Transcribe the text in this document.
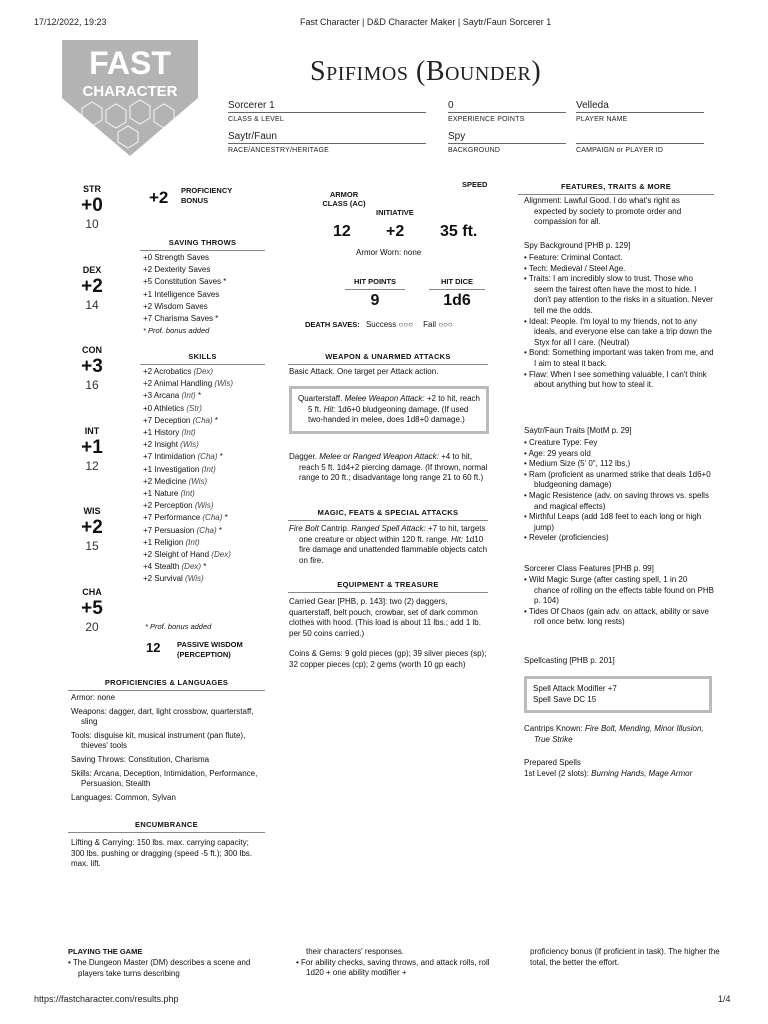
17/12/2022, 19:23	Fast Character | D&D Character Maker | Saytr/Faun Sorcerer 1
https://fastcharacter.com/results.php	1/4
FAST
CHARACTER
Spifimos (Bounder)
Sorcerer 1
CLASS & LEVEL
0
EXPERIENCE POINTS
Velleda
PLAYER NAME
Saytr/Faun
RACE/ANCESTRY/HERITAGE
Spy
BACKGROUND	CAMPAIGN or PLAYER ID
STR
+0
10
DEX
+2
14
CON
+3
16
INT
+1
12
WIS
+2
15
CHA
+5
20
+2 PROFICIENCY
BONUS
SAVING THROWS
+0 Strength Saves
+2 Dexterity Saves
+5 Constitution Saves *
+1 Intelligence Saves
+2 Wisdom Saves
+7 Charisma Saves *
* Prof. bonus added
SKILLS
+2 Acrobatics (Dex)
+2 Animal Handling (Wis)
+3 Arcana (Int) *
+0 Athletics (Str)
+7 Deception (Cha) *
+1 History (Int)
+2 Insight (Wis)
+7 Intimidation (Cha) *
+1 Investigation (Int)
+2 Medicine (Wis)
+1 Nature (Int)
+2 Perception (Wis)
+7 Performance (Cha) *
+7 Persuasion (Cha) *
+1 Religion (Int)
+2 Sleight of Hand (Dex)
+4 Stealth (Dex) *
+2 Survival (Wis)
* Prof. bonus added
12 PASSIVE WISDOM
(PERCEPTION)
PROFICIENCIES & LANGUAGES
Armor: none
Weapons: dagger, dart, light crossbow, quarterstaff, sling
Tools: disguise kit, musical instrument (pan flute), thieves' tools
Saving Throws: Constitution, Charisma
Skills: Arcana, Deception, Intimidation, Performance, Persuasion, Stealth
Languages: Common, Sylvan
ENCUMBRANCE
Lifting & Carrying: 150 lbs. max. carrying capacity; 300 lbs. pushing or dragging (speed -5 ft.); 300 lbs. max. lift.
ARMOR CLASS (AC)
INITIATIVE
SPEED
12 +2 35 ft.
Armor Worn: none
HIT POINTS	HIT DICE
9	1d6
DEATH SAVES: Success ○○○ Fail ○○○
WEAPON & UNARMED ATTACKS
Basic Attack. One target per Attack action.
Quarterstaff. Melee Weapon Attack: +2 to hit, reach 5 ft. Hit: 1d6+0 bludgeoning damage. (If used two-handed in melee, does 1d8+0 damage.)
Dagger. Melee or Ranged Weapon Attack: +4 to hit, reach 5 ft. 1d4+2 piercing damage. (If thrown, normal range to 20 ft.; disadvantage long range 21 to 60 ft.)
MAGIC, FEATS & SPECIAL ATTACKS
Fire Bolt Cantrip. Ranged Spell Attack: +7 to hit, targets one creature or object within 120 ft. range. Hit: 1d10 fire damage and unattended flammable objects catch on fire.
EQUIPMENT & TREASURE
Carried Gear [PHB, p. 143]: two (2) daggers, quarterstaff, belt pouch, crowbar, set of dark common clothes with hood. (This load is about 11 lbs.; add 1 lb. per 50 coins carried.)
Coins & Gems: 9 gold pieces (gp); 39 silver pieces (sp); 32 copper pieces (cp); 2 gems (worth 10 gp each)
FEATURES, TRAITS & MORE
Alignment: Lawful Good. I do what's right as expected by society to promote order and compassion for all.
Spy Background [PHB p. 129]
• Feature: Criminal Contact.
• Tech: Medieval / Steel Age.
• Traits: I am incredibly slow to trust. Those who seem the fairest often have the most to hide. I don't pay attention to the risks in a situation. Never tell me the odds.
• Ideal: People. I'm loyal to my friends, not to any ideals, and everyone else can take a trip down the Styx for all I care. (Neutral)
• Bond: Something important was taken from me, and I aim to steal it back.
• Flaw: When I see something valuable, I can't think about anything but how to steal it.
Saytr/Faun Traits [MotM p. 29]
• Creature Type: Fey
• Age: 29 years old
• Medium Size (5' 0", 112 lbs.)
• Ram (proficient as unarmed strike that deals 1d6+0 bludgeoning damage)
• Magic Resistence (adv. on saving throws vs. spells and magical effects)
• Mirthful Leaps (add 1d8 feet to each long or high jump)
• Reveler (proficiencies)
Sorcerer Class Features [PHB p. 99]
• Wild Magic Surge (after casting spell, 1 in 20 chance of rolling on the effects table found on PHB p. 104)
• Tides Of Chaos (gain adv. on attack, ability or save roll once betw. long rests)
Spellcasting [PHB p. 201]
Spell Attack Modifier +7
Spell Save DC 15
Cantrips Known: Fire Bolt, Mending, Minor Illusion, True Strike
Prepared Spells
1st Level (2 slots): Burning Hands, Mage Armor
PLAYING THE GAME
• The Dungeon Master (DM) describes a scene and players take turns describing
their characters' responses.
• For ability checks, saving throws, and attack rolls, roll 1d20 + one ability modifier +
proficiency bonus (if proficient in task). The higher the total, the better the effort.
